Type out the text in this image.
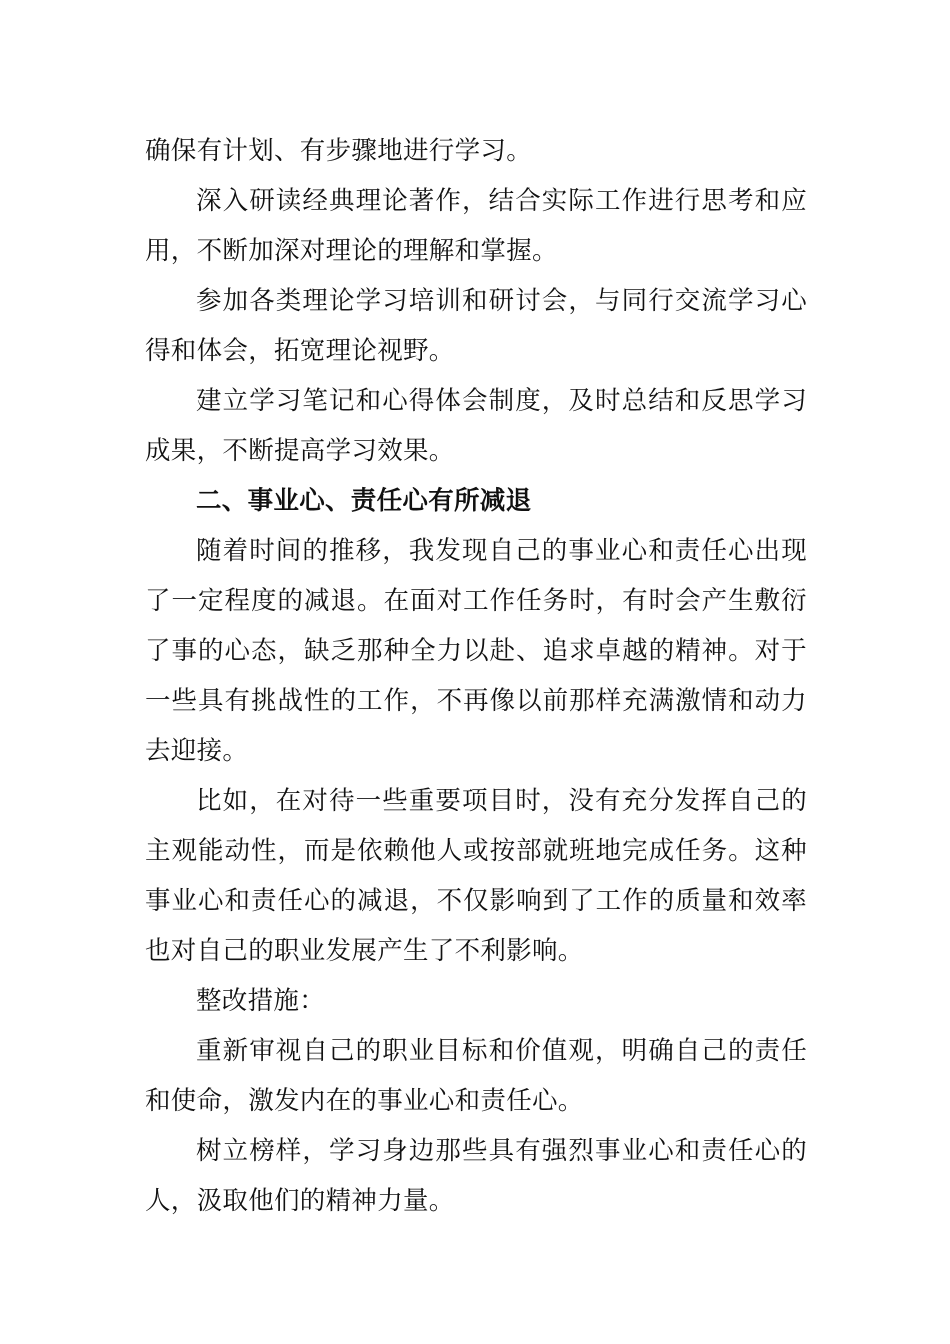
确保有计划、有步骤地进行学习。

深入研读经典理论著作，结合实际工作进行思考和应用，不断加深对理论的理解和掌握。

参加各类理论学习培训和研讨会，与同行交流学习心得和体会，拓宽理论视野。

建立学习笔记和心得体会制度，及时总结和反思学习成果，不断提高学习效果。

二、事业心、责任心有所减退

随着时间的推移，我发现自己的事业心和责任心出现了一定程度的减退。在面对工作任务时，有时会产生敷衍了事的心态，缺乏那种全力以赴、追求卓越的精神。对于一些具有挑战性的工作，不再像以前那样充满激情和动力去迎接。

比如，在对待一些重要项目时，没有充分发挥自己的主观能动性，而是依赖他人或按部就班地完成任务。这种事业心和责任心的减退，不仅影响到了工作的质量和效率也对自己的职业发展产生了不利影响。

整改措施：

重新审视自己的职业目标和价值观，明确自己的责任和使命，激发内在的事业心和责任心。

树立榜样，学习身边那些具有强烈事业心和责任心的人，汲取他们的精神力量。
